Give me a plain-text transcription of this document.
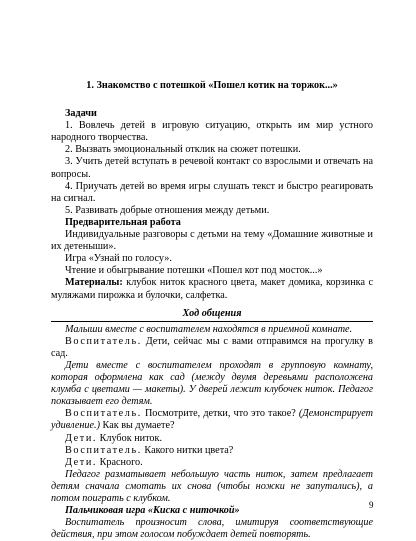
1. Знакомство с потешкой «Пошел котик на торжок...»

Задачи

1. Вовлечь детей в игровую ситуацию, открыть им мир устного народного творчества.

2. Вызвать эмоциональный отклик на сюжет потешки.

3. Учить детей вступать в речевой контакт со взрослыми и отвечать на вопросы.

4. Приучать детей во время игры слушать текст и быстро реагировать на сигнал.

5. Развивать добрые отношения между детьми.

Предварительная работа

Индивидуальные разговоры с детьми на тему «Домашние животные и их детеныши».

Игра «Узнай по голосу».

Чтение и обыгрывание потешки «Пошел кот под мосток...»

Материалы: клубок ниток красного цвета, макет домика, корзинка с муляжами пирожка и булочки, салфетка.

Ход общения

Малыши вместе с воспитателем находятся в приемной комнате.

Воспитатель. Дети, сейчас мы с вами отправимся на прогулку в сад.

Дети вместе с воспитателем проходят в групповую комнату, которая оформлена как сад (между двумя деревьями расположена клумба с цветами — макеты). У дверей лежит клубочек ниток. Педагог показывает его детям.

Воспитатель. Посмотрите, детки, что это такое? (Демонстрирует удивление.) Как вы думаете?

Дети. Клубок ниток.

Воспитатель. Какого нитки цвета?

Дети. Красного.

Педагог разматывает небольшую часть ниток, затем предлагает детям сначала смотать их снова (чтобы ножки не запутались), а потом поиграть с клубком.

Пальчиковая игра «Киска с ниточкой»

Воспитатель произносит слова, имитируя соответствующие действия, при этом голосом побуждает детей повторять.

9
